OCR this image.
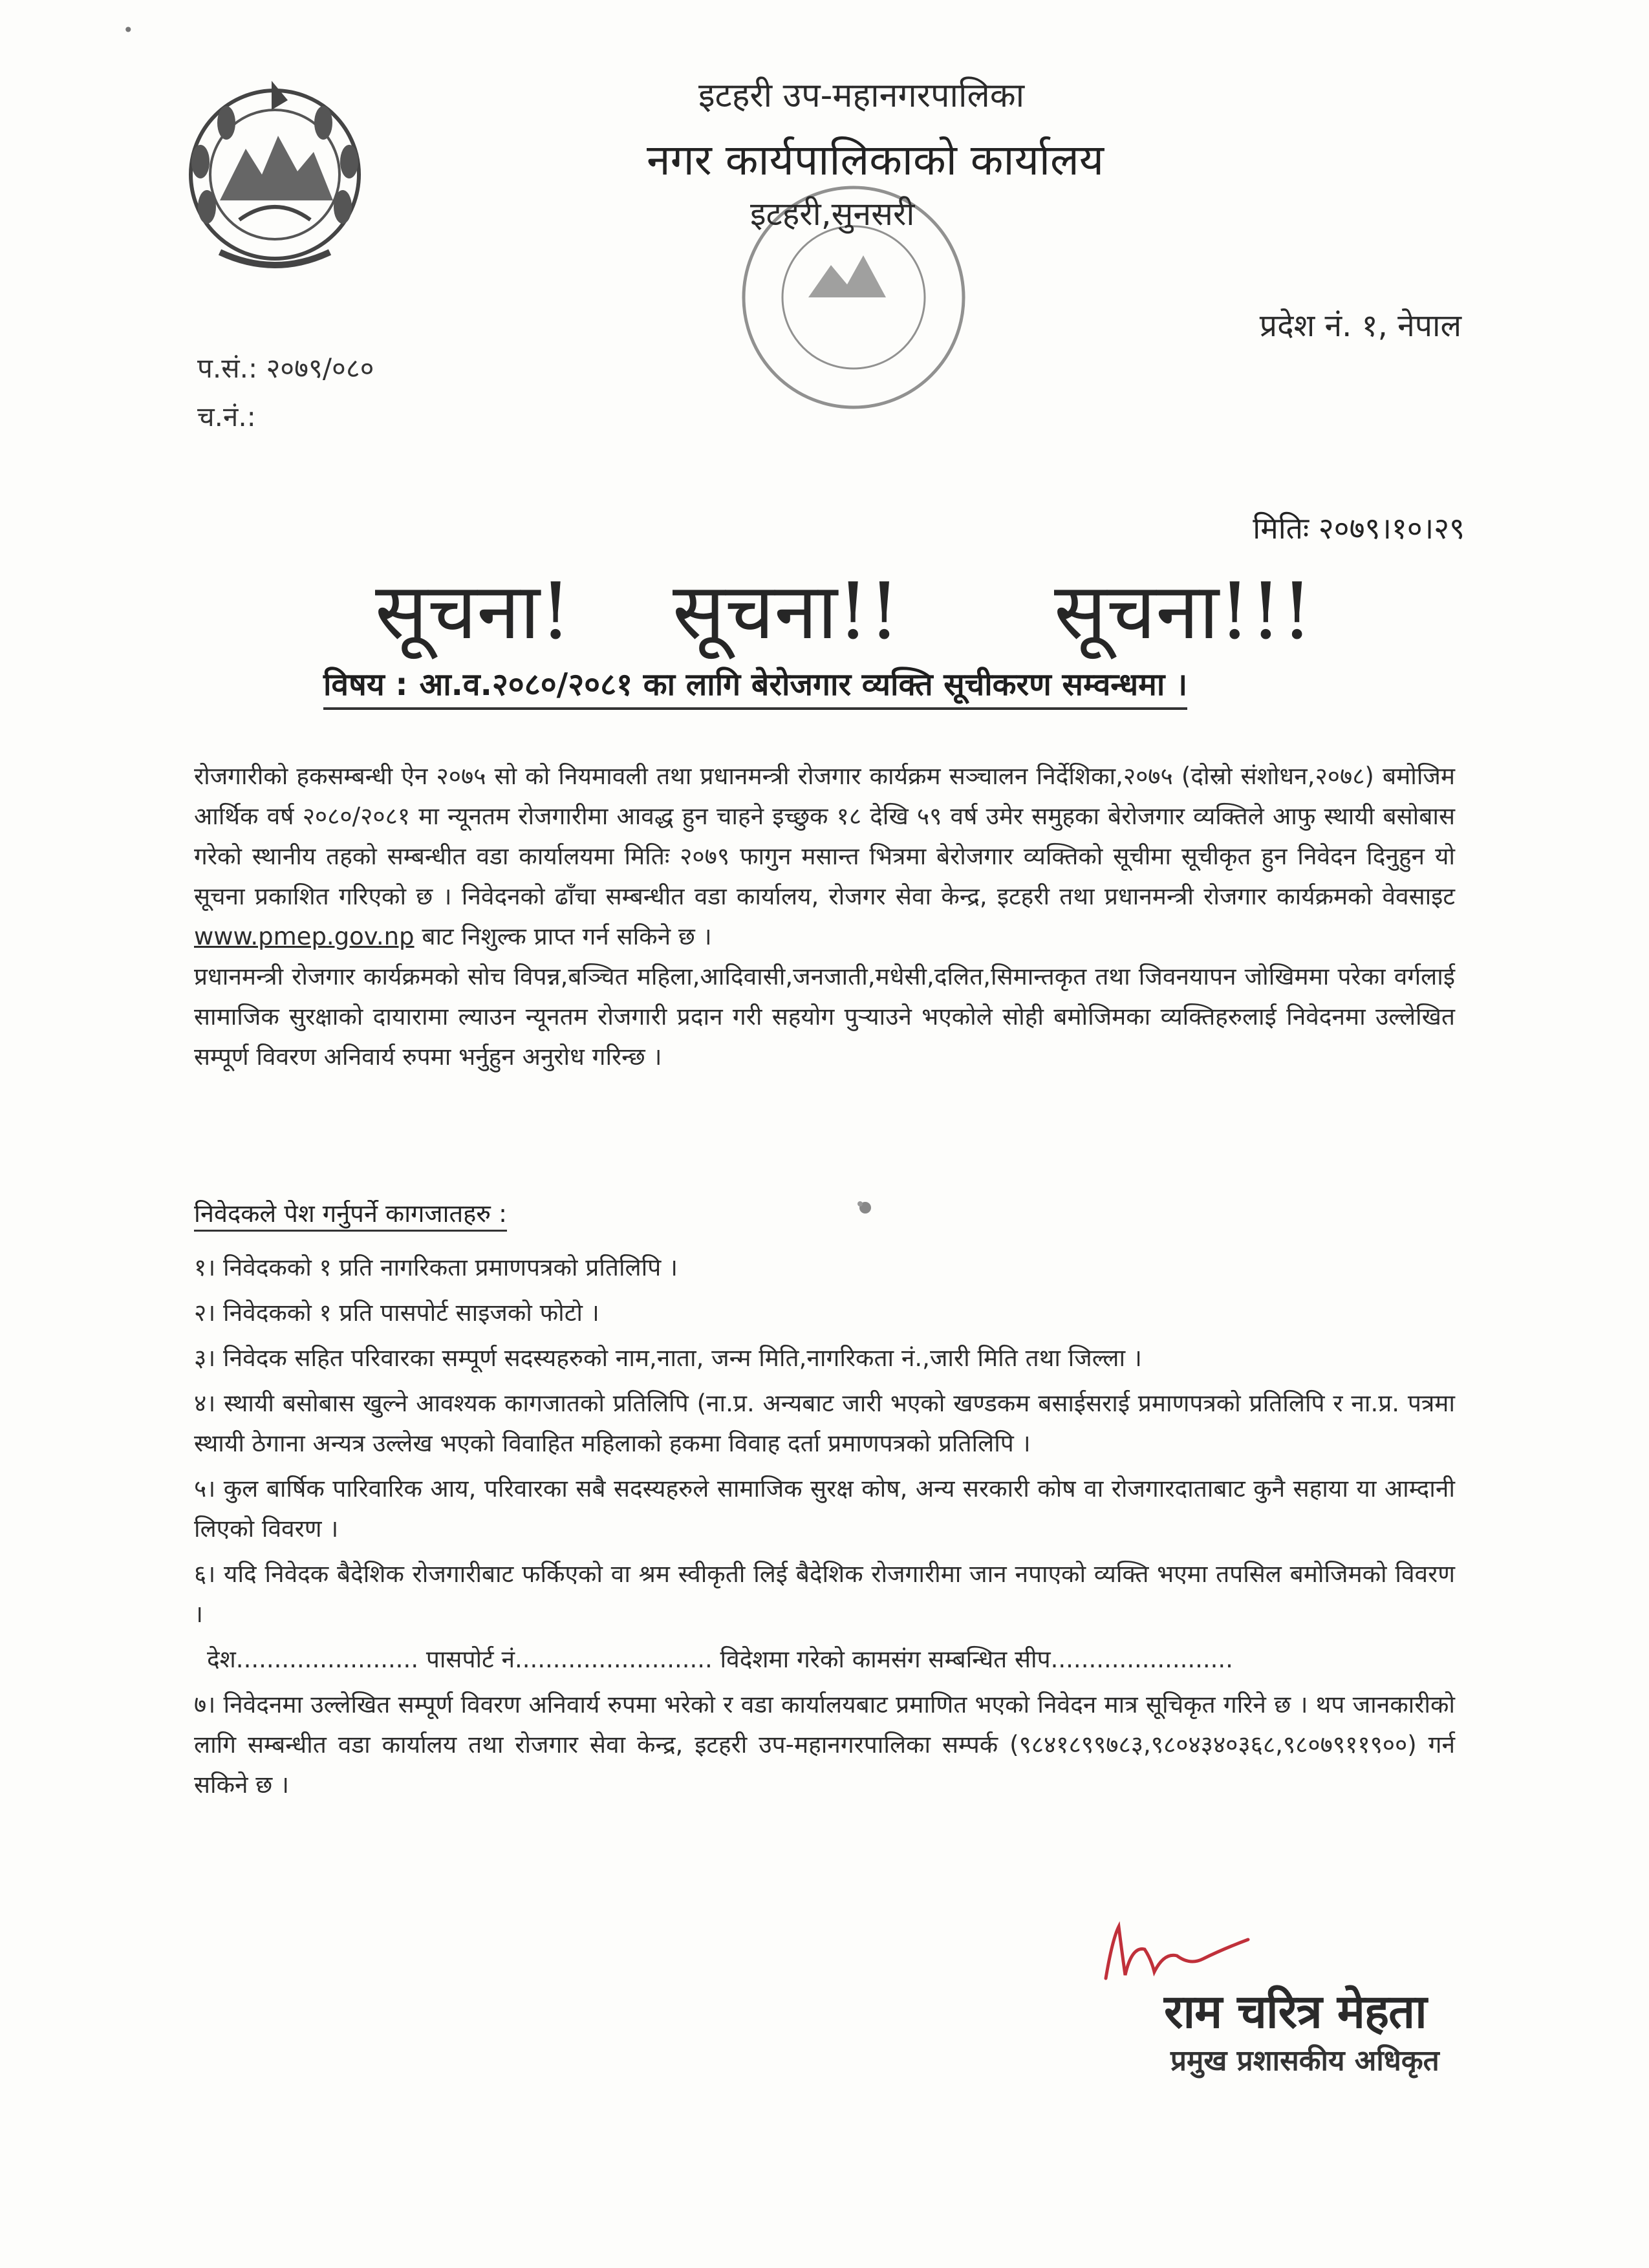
•
इटहरी उप-महानगरपालिका
नगर कार्यपालिकाको कार्यालय
इटहरी,सुनसरी
प्रदेश नं. १, नेपाल
प.सं.: २०७९/०८०
च.नं.:
मितिः २०७९।१०।२९
सूचना! सूचना!! सूचना!!!
विषय : आ.व.२०८०/२०८१ का लागि बेरोजगार व्यक्ति सूचीकरण सम्वन्धमा ।

रोजगारीको हकसम्बन्धी ऐन २०७५ सो को नियमावली तथा प्रधानमन्त्री रोजगार कार्यक्रम सञ्चालन निर्देशिका,२०७५ (दोस्रो संशोधन,२०७८) बमोजिम आर्थिक वर्ष २०८०/२०८१ मा न्यूनतम रोजगारीमा आवद्ध हुन चाहने इच्छुक १८ देखि ५९ वर्ष उमेर समुहका बेरोजगार व्यक्तिले आफु स्थायी बसोबास गरेको स्थानीय तहको सम्बन्धीत वडा कार्यालयमा मितिः २०७९ फागुन मसान्त भित्रमा बेरोजगार व्यक्तिको सूचीमा सूचीकृत हुन निवेदन दिनुहुन यो सूचना प्रकाशित गरिएको छ । निवेदनको ढाँचा सम्बन्धीत वडा कार्यालय, रोजगर सेवा केन्द्र, इटहरी तथा प्रधानमन्त्री रोजगार कार्यक्रमको वेवसाइट www.pmep.gov.np बाट निशुल्क प्राप्त गर्न सकिने छ ।

प्रधानमन्त्री रोजगार कार्यक्रमको सोच विपन्न,बञ्चित महिला,आदिवासी,जनजाती,मधेसी,दलित,सिमान्तकृत तथा जिवनयापन जोखिममा परेका वर्गलाई सामाजिक सुरक्षाको दायारामा ल्याउन न्यूनतम रोजगारी प्रदान गरी सहयोग पुऱ्याउने भएकोले सोही बमोजिमका व्यक्तिहरुलाई निवेदनमा उल्लेखित सम्पूर्ण विवरण अनिवार्य रुपमा भर्नुहुन अनुरोध गरिन्छ ।

निवेदकले पेश गर्नुपर्ने कागजातहरु :

१। निवेदकको १ प्रति नागरिकता प्रमाणपत्रको प्रतिलिपि ।

२। निवेदकको १ प्रति पासपोर्ट साइजको फोटो ।

३। निवेदक सहित परिवारका सम्पूर्ण सदस्यहरुको नाम,नाता, जन्म मिति,नागरिकता नं.,जारी मिति तथा जिल्ला ।

४। स्थायी बसोबास खुल्ने आवश्यक कागजातको प्रतिलिपि (ना.प्र. अन्यबाट जारी भएको खण्डकम बसाईसराई प्रमाणपत्रको प्रतिलिपि र ना.प्र. पत्रमा स्थायी ठेगाना अन्यत्र उल्लेख भएको विवाहित महिलाको हकमा विवाह दर्ता प्रमाणपत्रको प्रतिलिपि ।

५। कुल बार्षिक पारिवारिक आय, परिवारका सबै सदस्यहरुले सामाजिक सुरक्ष कोष, अन्य सरकारी कोष वा रोजगारदाताबाट कुनै सहाया या आम्दानी लिएको विवरण ।

६। यदि निवेदक बैदेशिक रोजगारीबाट फर्किएको वा श्रम स्वीकृती लिई बैदेशिक रोजगारीमा जान नपाएको व्यक्ति भएमा तपसिल बमोजिमको विवरण ।

देश........................ पासपोर्ट नं.......................... विदेशमा गरेको कामसंग सम्बन्धित सीप........................

७। निवेदनमा उल्लेखित सम्पूर्ण विवरण अनिवार्य रुपमा भरेको र वडा कार्यालयबाट प्रमाणित भएको निवेदन मात्र सूचिकृत गरिने छ । थप जानकारीको लागि सम्बन्धीत वडा कार्यालय तथा रोजगार सेवा केन्द्र, इटहरी उप-महानगरपालिका सम्पर्क (९८४१८९९७८३,९८०४३४०३६८,९८०७९११९००) गर्न सकिने छ ।

राम चरित्र मेहता
प्रमुख प्रशासकीय अधिकृत
